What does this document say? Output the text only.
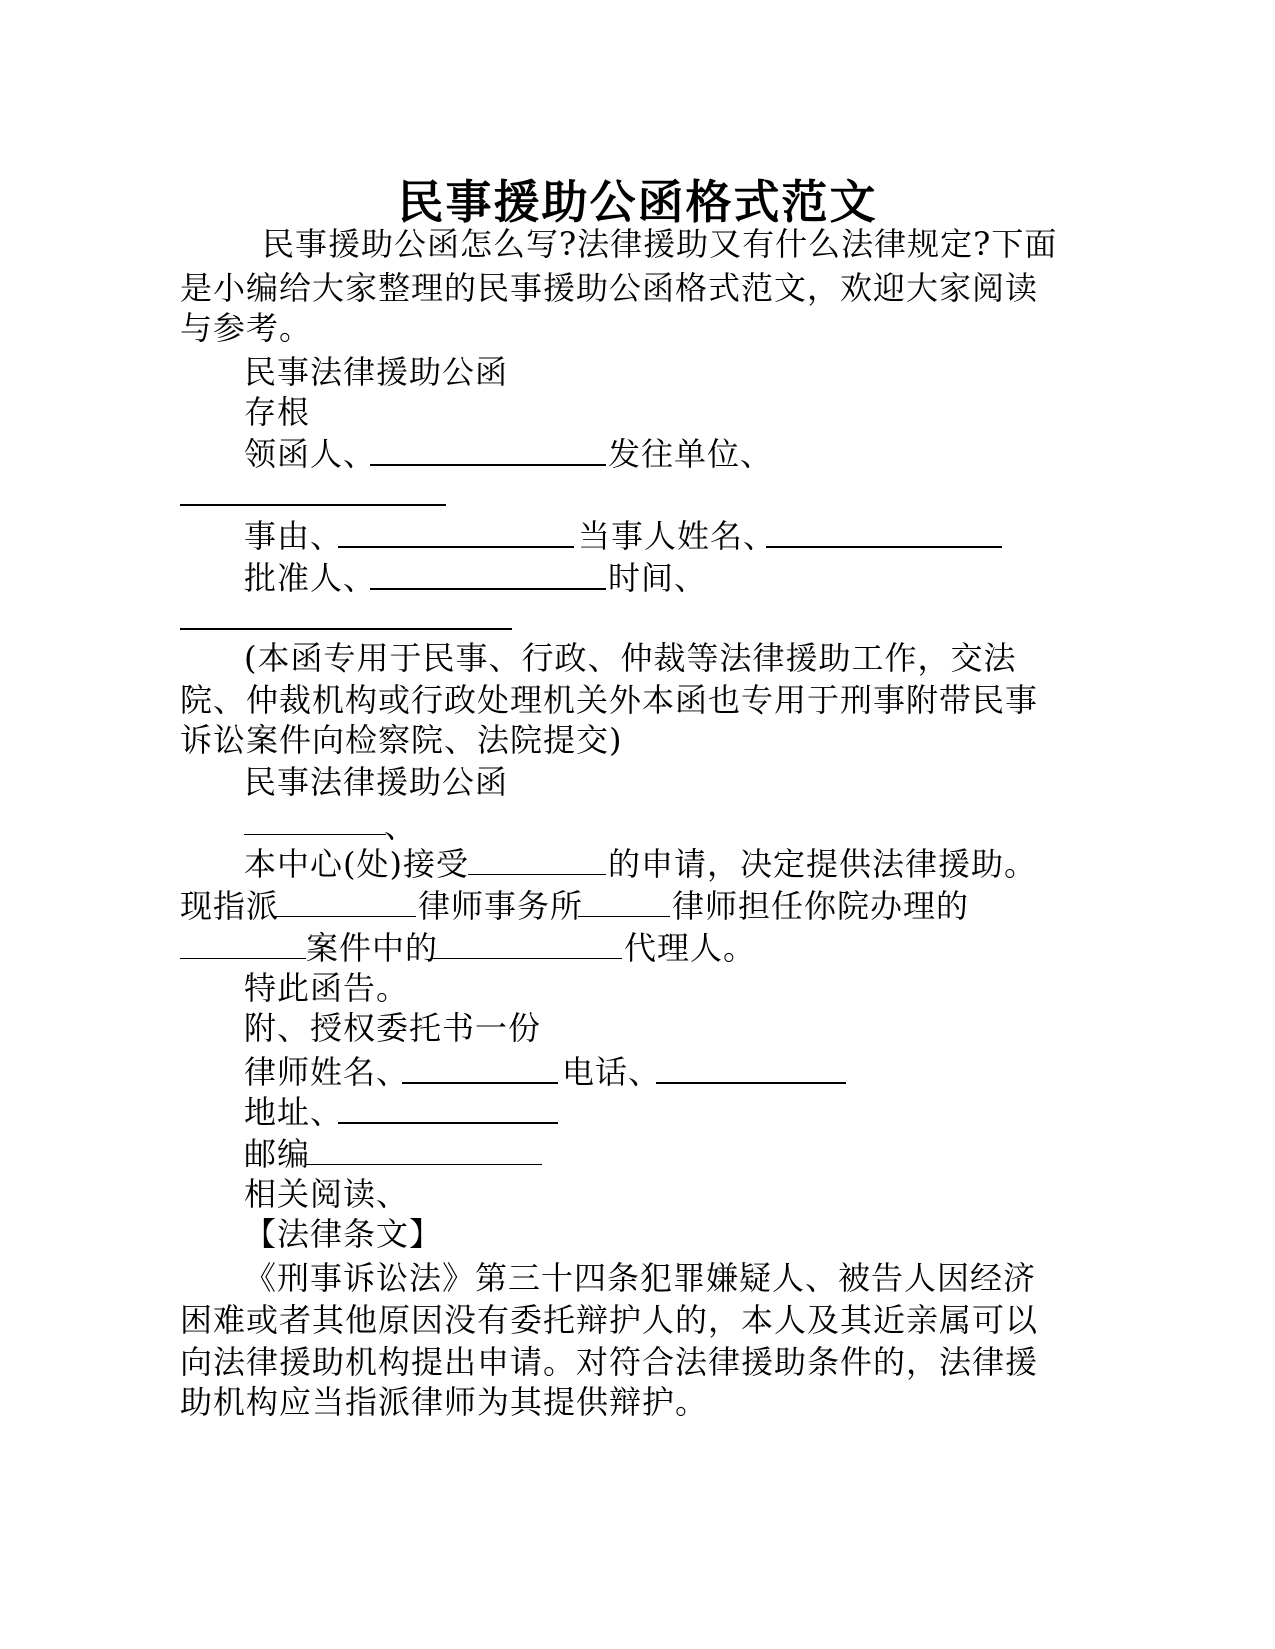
民事援助公函格式范文
民事援助公函怎么写?法律援助又有什么法律规定?下面
是小编给大家整理的民事援助公函格式范文，欢迎大家阅读
与参考。
民事法律援助公函
存根
领函人、	发往单位、
事由、	当事人姓名、
批准人、	时间、
(本函专用于民事、行政、仲裁等法律援助工作，交法
院、仲裁机构或行政处理机关外本函也专用于刑事附带民事
诉讼案件向检察院、法院提交)
民事法律援助公函
、
本中心(处)接受	的申请，决定提供法律援助。
现指派	律师事务所	律师担任你院办理的
案件中的	代理人。
特此函告。
附、授权委托书一份
律师姓名、	电话、
地址、
邮编
相关阅读、
【法律条文】
《刑事诉讼法》第三十四条犯罪嫌疑人、被告人因经济
困难或者其他原因没有委托辩护人的，本人及其近亲属可以
向法律援助机构提出申请。对符合法律援助条件的，法律援
助机构应当指派律师为其提供辩护。
